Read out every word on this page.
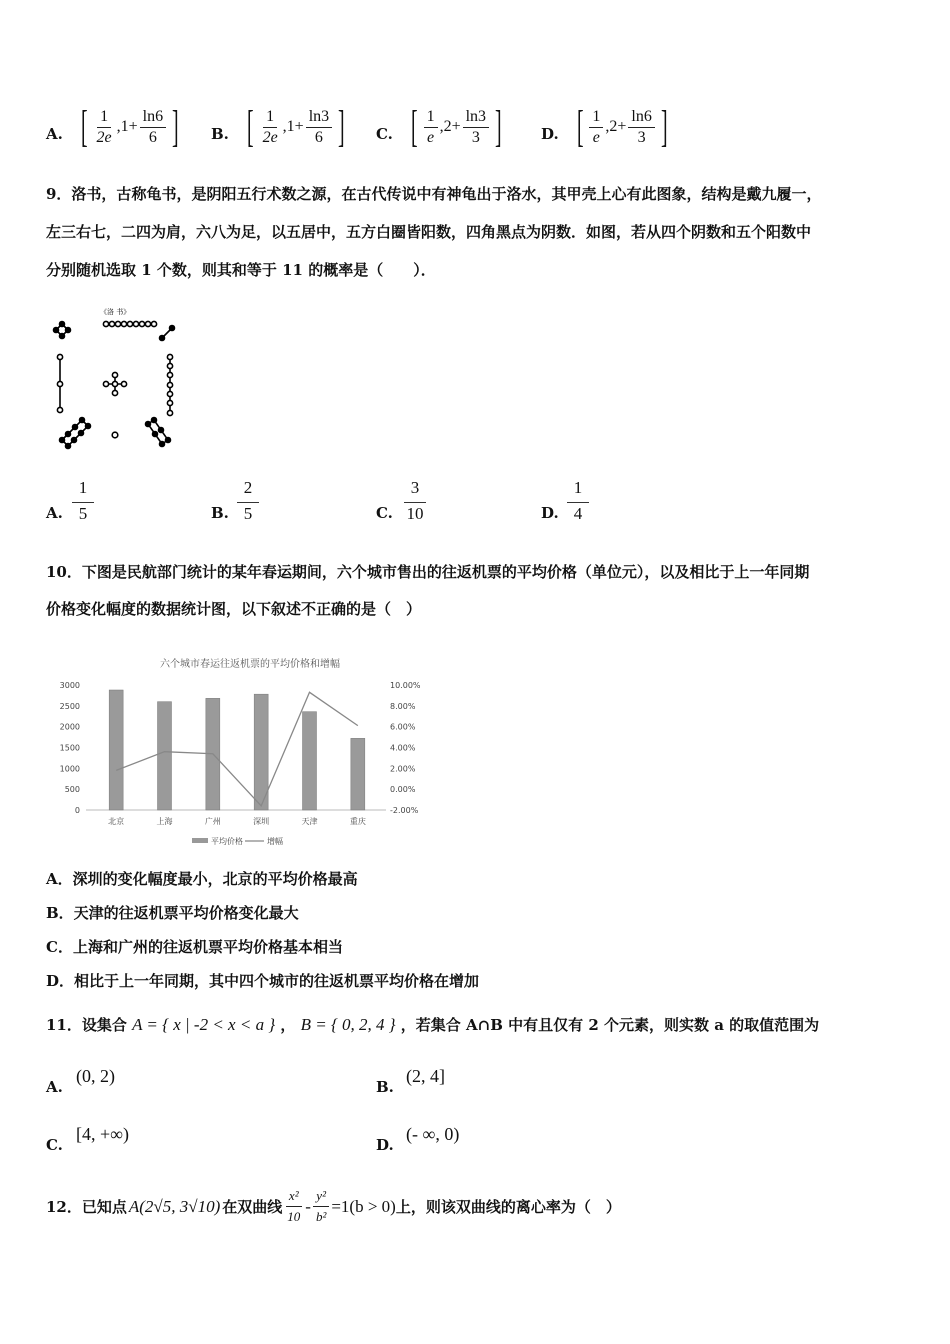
A. [ $\frac{1}{2e} ,1+ \frac{\ln 6}{6}$ ] B. [ $\frac{1}{2e} ,1+ \frac{\ln 3}{6}$ ] C. [ $\frac{1}{e} ,2+ \frac{\ln 3}{3}$ ]	D. [ $\frac{1}{e} ,2+ \frac{\ln 6}{3}$ ]
9．洛书，古称龟书，是阴阳五行术数之源，在古代传说中有神龟出于洛水，其甲壳上心有此图象，结构是戴九履一，
左三右七，二四为肩，六八为足，以五居中，五方白圈皆阳数，四角黑点为阴数．如图，若从四个阴数和五个阳数中
分别随机选取 1 个数，则其和等于 11 的概率是（　　）．
《洛 书》
A.
1
5	B.
2
5	C.
3
10	D.
1
4
10．下图是民航部门统计的某年春运期间，六个城市售出的往返机票的平均价格（单位元），以及相比于上一年同期
价格变化幅度的数据统计图，以下叙述不正确的是（　）
六个城市春运往返机票的平均价格和增幅
北京	上海	广州	深圳	天津	重庆
0
500
1000
1500
2000
2500
3000
-2.00%
0.00%
2.00%
4.00%
6.00%
8.00%
10.00%
平均价格	增幅
A．深圳的变化幅度最小，北京的平均价格最高
B．天津的往返机票平均价格变化最大
C．上海和广州的往返机票平均价格基本相当
D．相比于上一年同期，其中四个城市的往返机票平均价格在增加
11．设集合 A = { x | -2 < x < a } ， B = { 0, 2, 4 } ，若集合 A∩B 中有且仅有 2 个元素，则实数 a 的取值范围为
A.
(0, 2)
B.
(2, 4]
C.
[4, +∞)
D.
(- ∞, 0)
12．已知点 A(2√5, 3√10) 在双曲线 $\frac{\text{x²}}{10} - \frac{\text{y²}}{\text{b²}} =1(b > 0)$ 上，则该双曲线的离心率为（　）
